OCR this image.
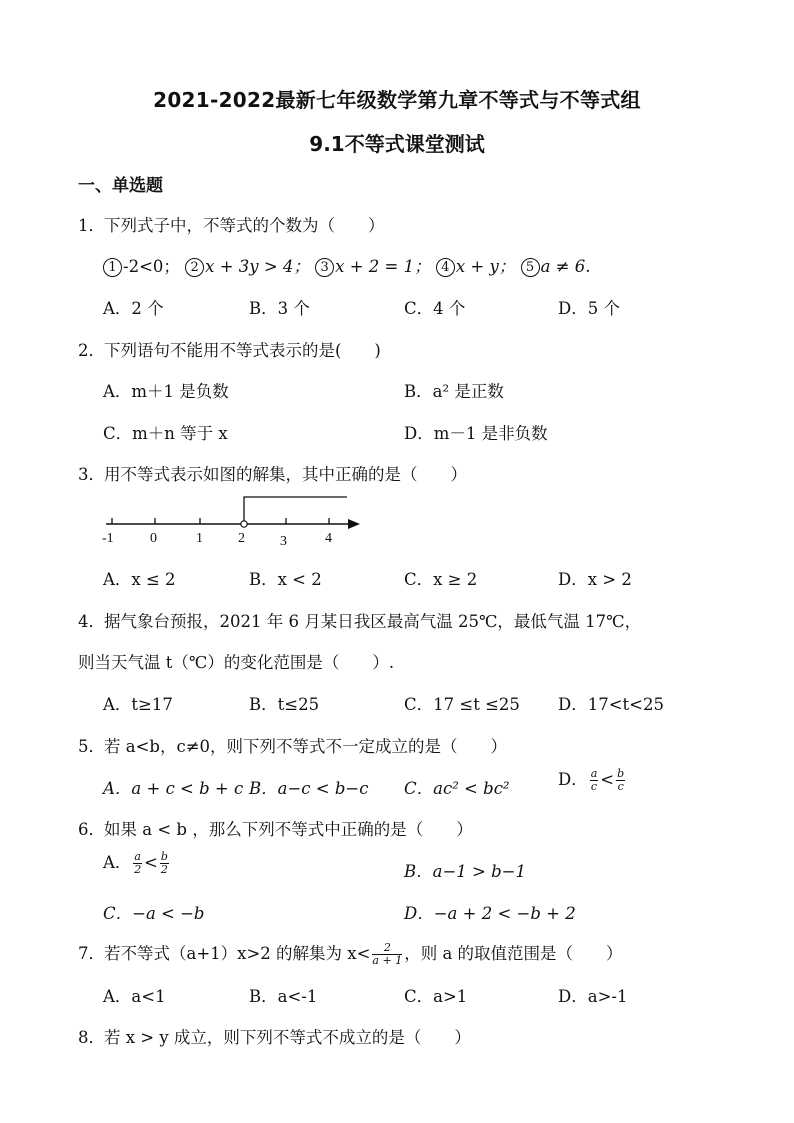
2021-2022最新七年级数学第九章不等式与不等式组
9.1不等式课堂测试
一、单选题
1．下列式子中，不等式的个数为（　　）
1 -2<0； 2 x + 3y > 4； 3 x + 2 = 1； 4 x + y； 5 a ≠ 6.
A．2 个	B．3 个	C．4 个	D．5 个
2．下列语句不能用不等式表示的是(　　)
A．m＋1 是负数	B．a² 是正数
C．m＋n 等于 x	D．m－1 是非负数
3．用不等式表示如图的解集，其中正确的是（　　）
-1	0	1	2	3	4
A．x ≤ 2	B．x < 2	C．x ≥ 2	D．x > 2
4．据气象台预报，2021 年 6 月某日我区最高气温 25℃，最低气温 17℃，
则当天气温 t（℃）的变化范围是（　　）.
A．t≥17	B．t≤25	C．17 ≤t ≤25 D．17<t<25
5．若 a<b，c≠0，则下列不等式不一定成立的是（　　）
A．a + c < b + c B．a−c < b−c C．ac² < bc²	D． $\frac{a}{c} < \frac{b}{c}$
6．如果 a < b ，那么下列不等式中正确的是（　　）
A． $\frac{a}{2} < \frac{b}{2}$	B．a−1 > b−1
C．−a < −b	D．−a + 2 < −b + 2
7．若不等式（a+1）x>2 的解集为 $x< \frac{2}{a + 1}$ ，则 a 的取值范围是（　　）
A．a<1	B．a<-1	C．a>1	D．a>-1
8．若 x > y 成立，则下列不等式不成立的是（　　）
